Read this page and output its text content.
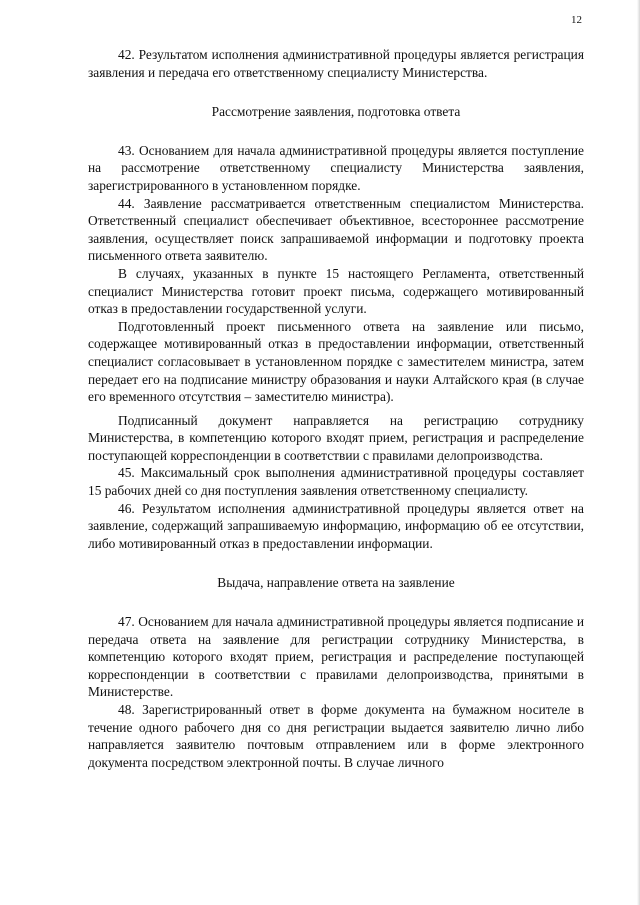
12

42. Результатом исполнения административной процедуры является регистрация заявления и передача его ответственному специалисту Министерства.

Рассмотрение заявления, подготовка ответа

43. Основанием для начала административной процедуры является поступление на рассмотрение ответственному специалисту Министерства заявления, зарегистрированного в установленном порядке.

44. Заявление рассматривается ответственным специалистом Министерства. Ответственный специалист обеспечивает объективное, всестороннее рассмотрение заявления, осуществляет поиск запрашиваемой информации и подготовку проекта письменного ответа заявителю.

В случаях, указанных в пункте 15 настоящего Регламента, ответственный специалист Министерства готовит проект письма, содержащего мотивированный отказ в предоставлении государственной услуги.

Подготовленный проект письменного ответа на заявление или письмо, содержащее мотивированный отказ в предоставлении информации, ответственный специалист согласовывает в установленном порядке с заместителем министра, затем передает его на подписание министру образования и науки Алтайского края (в случае его временного отсутствия – заместителю министра).

Подписанный документ направляется на регистрацию сотруднику Министерства, в компетенцию которого входят прием, регистрация и распределение поступающей корреспонденции в соответствии с правилами делопроизводства.

45. Максимальный срок выполнения административной процедуры составляет 15 рабочих дней со дня поступления заявления ответственному специалисту.

46. Результатом исполнения административной процедуры является ответ на заявление, содержащий запрашиваемую информацию, информацию об ее отсутствии, либо мотивированный отказ в предоставлении информации.

Выдача, направление ответа на заявление

47. Основанием для начала административной процедуры является подписание и передача ответа на заявление для регистрации сотруднику Министерства, в компетенцию которого входят прием, регистрация и распределение поступающей корреспонденции в соответствии с правилами делопроизводства, принятыми в Министерстве.

48. Зарегистрированный ответ в форме документа на бумажном носителе в течение одного рабочего дня со дня регистрации выдается заявителю лично либо направляется заявителю почтовым отправлением или в форме электронного документа посредством электронной почты. В случае личного
